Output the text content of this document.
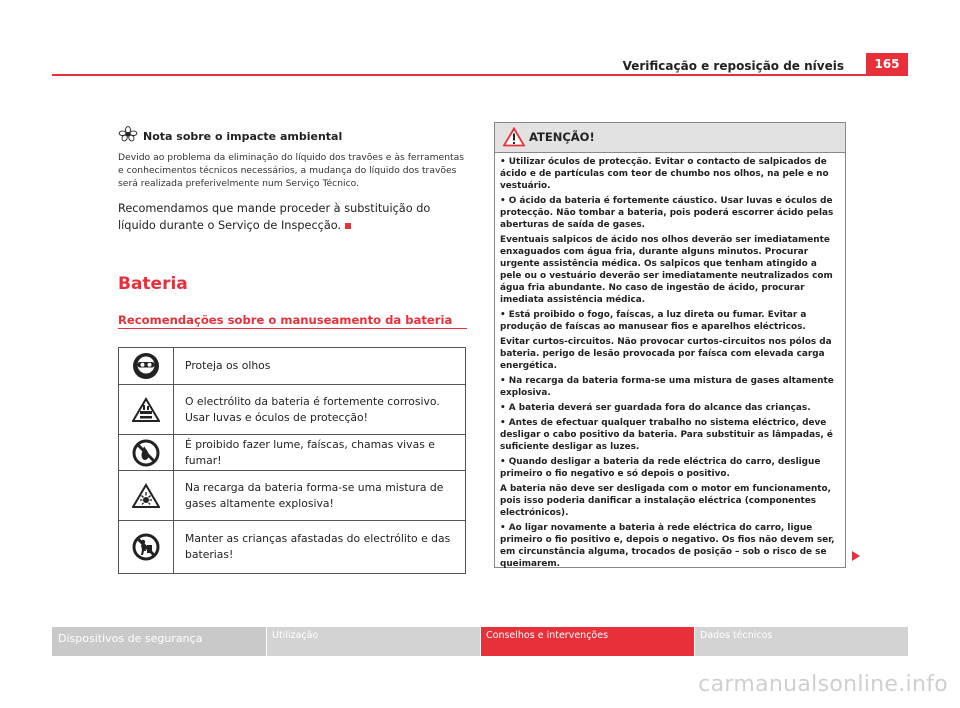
Verificação e reposição de níveis	165
Nota sobre o impacte ambiental
Devido ao problema da eliminação do líquido dos travões e às ferramentas e conhecimentos técnicos necessários, a mudança do líquido dos travões será realizada preferivelmente num Serviço Técnico.
Recomendamos que mande proceder à substituição do líquido durante o Serviço de Inspecção.
Bateria
Recomendações sobre o manuseamento da bateria
Proteja os olhos
O electrólito da bateria é fortemente corrosivo. Usar luvas e óculos de protecção!
É proibido fazer lume, faíscas, chamas vivas e fumar!
Na recarga da bateria forma-se uma mistura de gases altamente explosiva!
Manter as crianças afastadas do electrólito e das baterias!
ATENÇÃO!

• Utilizar óculos de protecção. Evitar o contacto de salpicados de ácido e de partículas com teor de chumbo nos olhos, na pele e no vestuário.

• O ácido da bateria é fortemente cáustico. Usar luvas e óculos de protecção. Não tombar a bateria, pois poderá escorrer ácido pelas aberturas de saída de gases.

Eventuais salpicos de ácido nos olhos deverão ser imediatamente enxaguados com água fria, durante alguns minutos. Procurar urgente assistência médica. Os salpicos que tenham atingido a pele ou o vestuário deverão ser imediatamente neutralizados com água fria abundante. No caso de ingestão de ácido, procurar imediata assistência médica.

• Está proibido o fogo, faíscas, a luz direta ou fumar. Evitar a produção de faíscas ao manusear fios e aparelhos eléctricos.

Evitar curtos-circuitos. Não provocar curtos-circuitos nos pólos da bateria. perigo de lesão provocada por faísca com elevada carga energética.

• Na recarga da bateria forma-se uma mistura de gases altamente explosiva.

• A bateria deverá ser guardada fora do alcance das crianças.

• Antes de efectuar qualquer trabalho no sistema eléctrico, deve desligar o cabo positivo da bateria. Para substituir as lâmpadas, é suficiente desligar as luzes.

• Quando desligar a bateria da rede eléctrica do carro, desligue primeiro o fio negativo e só depois o positivo.

A bateria não deve ser desligada com o motor em funcionamento, pois isso poderia danificar a instalação eléctrica (componentes electrónicos).

• Ao ligar novamente a bateria à rede eléctrica do carro, ligue primeiro o fio positivo e, depois o negativo. Os fios não devem ser, em circunstância alguma, trocados de posição – sob o risco de se queimarem.

Dispositivos de segurança	Utilização	Conselhos e intervenções	Dados técnicos
carmanualsonline.info
